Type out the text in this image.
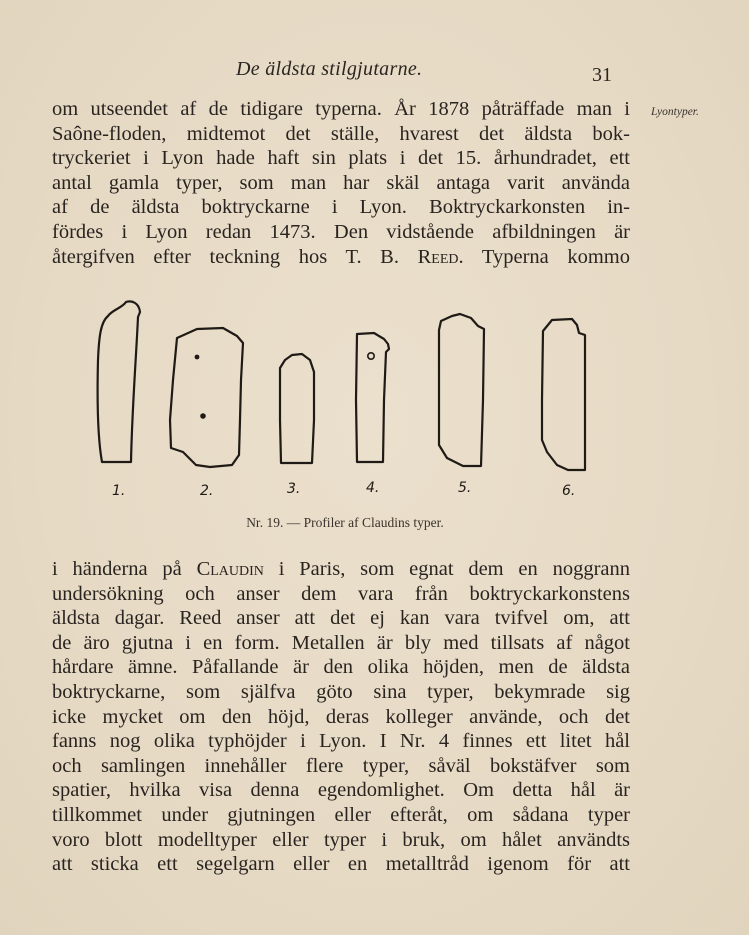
De äldsta stilgjutarne.	31
Lyontyper.
om utseendet af de tidigare typerna. År 1878 påträffade man i
Saône-floden, midtemot det ställe, hvarest det äldsta bok-
tryckeriet i Lyon hade haft sin plats i det 15. århundradet, ett
antal gamla typer, som man har skäl antaga varit använda
af de äldsta boktryckarne i Lyon. Boktryckarkonsten in-
fördes i Lyon redan 1473. Den vidstående afbildningen är
återgifven efter teckning hos T. B. Reed. Typerna kommo
1.	2.	3.	4.	5.	6.
Nr. 19. — Profiler af Claudins typer.
i händerna på Claudin i Paris, som egnat dem en noggrann
undersökning och anser dem vara från boktryckarkonstens
äldsta dagar. Reed anser att det ej kan vara tvifvel om, att
de äro gjutna i en form. Metallen är bly med tillsats af något
hårdare ämne. Påfallande är den olika höjden, men de äldsta
boktryckarne, som själfva göto sina typer, bekymrade sig
icke mycket om den höjd, deras kolleger använde, och det
fanns nog olika typhöjder i Lyon. I Nr. 4 finnes ett litet hål
och samlingen innehåller flere typer, såväl bokstäfver som
spatier, hvilka visa denna egendomlighet. Om detta hål är
tillkommet under gjutningen eller efteråt, om sådana typer
voro blott modelltyper eller typer i bruk, om hålet användts
att sticka ett segelgarn eller en metalltråd igenom för att
